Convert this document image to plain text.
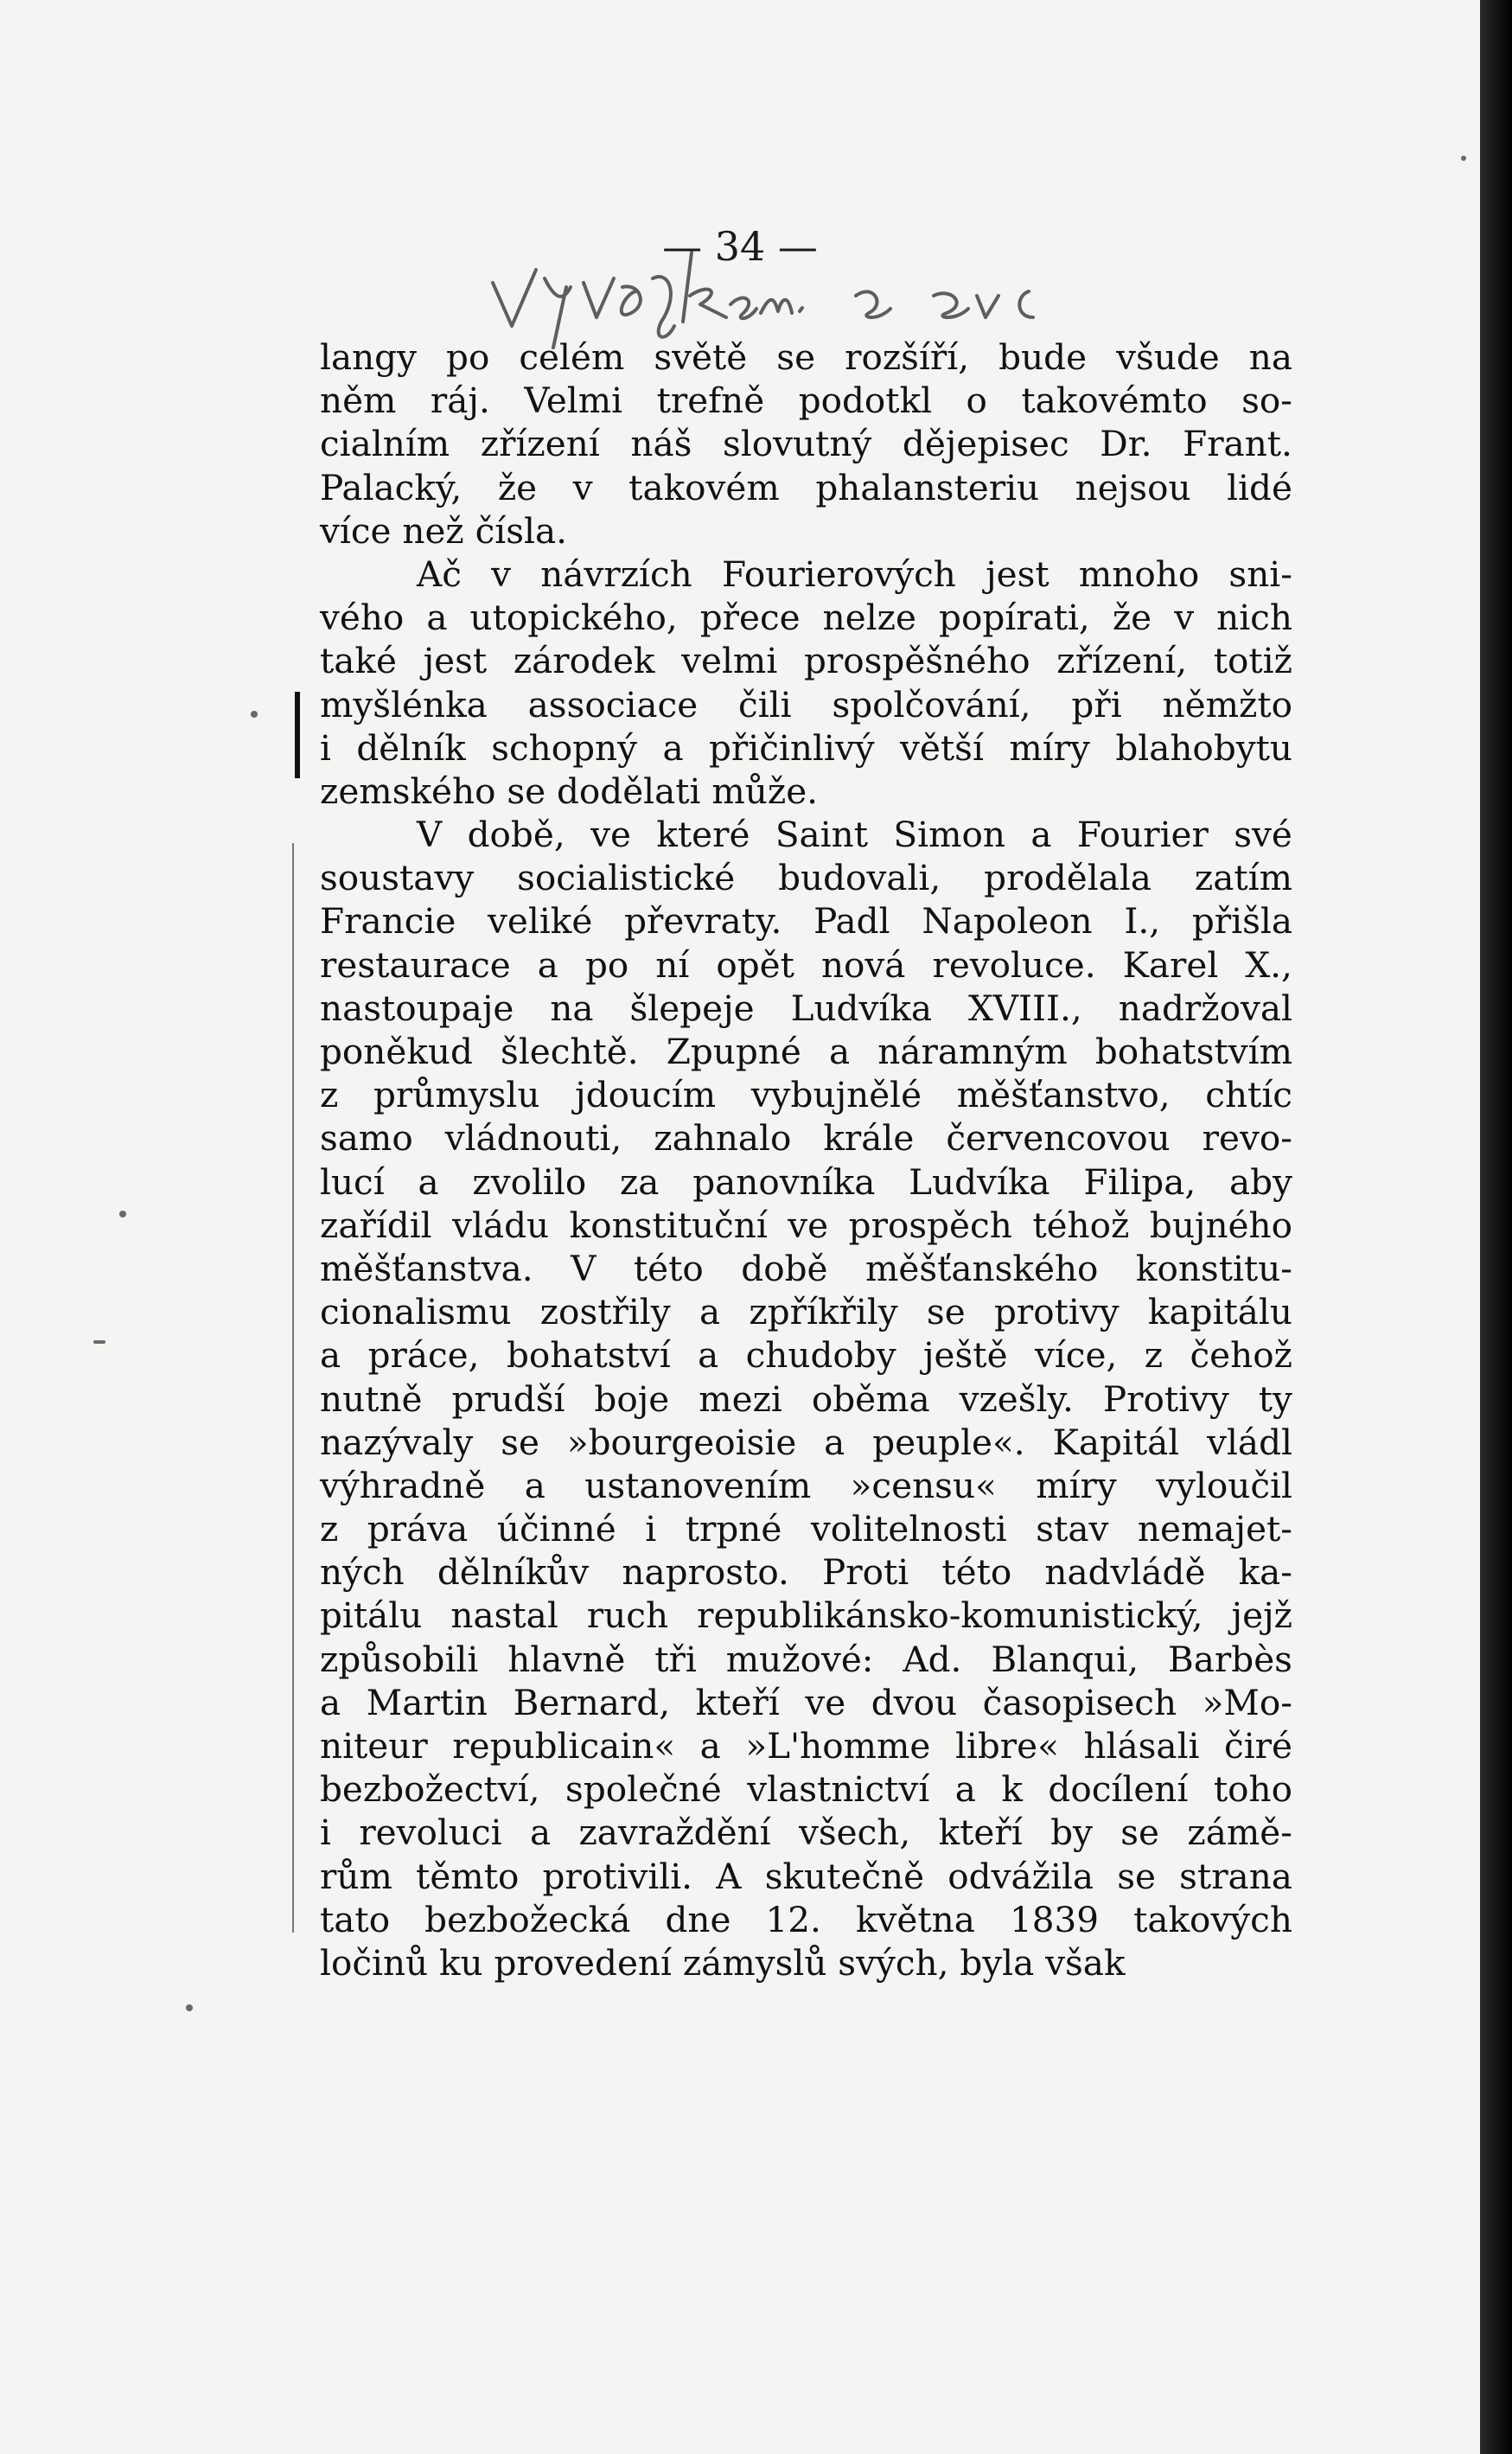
— 34 —
Vyvozky komu a svc
langy po celém světě se rozšíří, bude všude na
něm ráj. Velmi trefně podotkl o takovémto so-
cialním zřízení náš slovutný dějepisec Dr. Frant.
Palacký, že v takovém phalansteriu nejsou lidé
více než čísla.
Ač v návrzích Fourierových jest mnoho sni-
vého a utopického, přece nelze popírati, že v nich
také jest zárodek velmi prospěšného zřízení, totiž
myšlénka associace čili spolčování, při němžto
i dělník schopný a přičinlivý větší míry blahobytu
zemského se dodělati může.
V době, ve které Saint Simon a Fourier své
soustavy socialistické budovali, prodělala zatím
Francie veliké převraty. Padl Napoleon I., přišla
restaurace a po ní opět nová revoluce. Karel X.,
nastoupaje na šlepeje Ludvíka XVIII., nadržoval
poněkud šlechtě. Zpupné a náramným bohatstvím
z průmyslu jdoucím vybujnělé měšťanstvo, chtíc
samo vládnouti, zahnalo krále červencovou revo-
lucí a zvolilo za panovníka Ludvíka Filipa, aby
zařídil vládu konstituční ve prospěch téhož bujného
měšťanstva. V této době měšťanského konstitu-
cionalismu zostřily a zpříkřily se protivy kapitálu
a práce, bohatství a chudoby ještě více, z čehož
nutně prudší boje mezi oběma vzešly. Protivy ty
nazývaly se »bourgeoisie a peuple«. Kapitál vládl
výhradně a ustanovením »censu« míry vyloučil
z práva účinné i trpné volitelnosti stav nemajet-
ných dělníkův naprosto. Proti této nadvládě ka-
pitálu nastal ruch republikánsko-komunistický, jejž
způsobili hlavně tři mužové: Ad. Blanqui, Barbès
a Martin Bernard, kteří ve dvou časopisech »Mo-
niteur republicain« a »L'homme libre« hlásali čiré
bezbožectví, společné vlastnictví a k docílení toho
i revoluci a zavraždění všech, kteří by se zámě-
rům těmto protivili. A skutečně odvážila se strana
tato bezbožecká dne 12. května 1839 takových
ločinů ku provedení zámyslů svých, byla však
